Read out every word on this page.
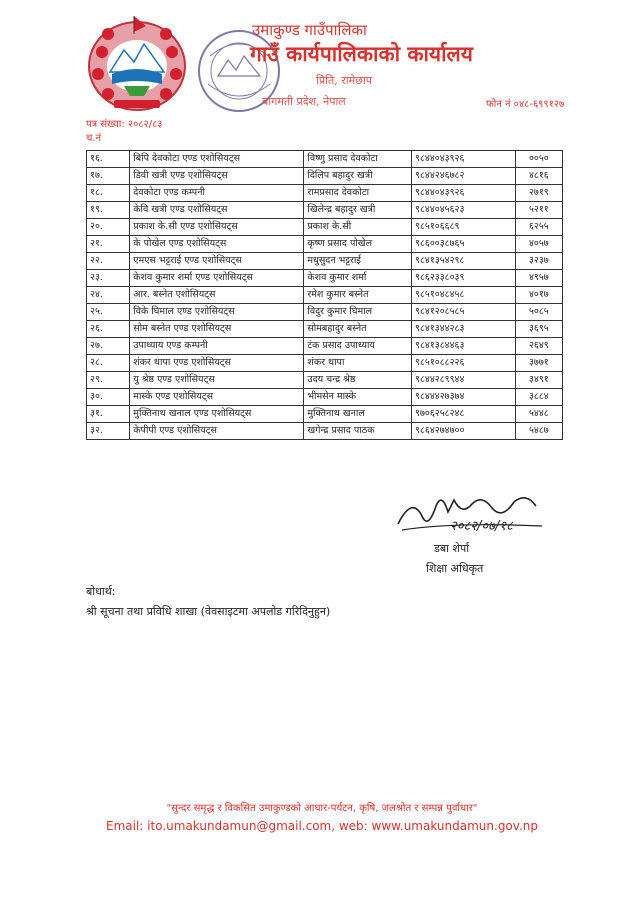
उमाकुण्ड गाउँपालिका
गाउँ कार्यपालिकाको कार्यालय
प्रिति, रामेछाप
बागमती प्रदेश, नेपाल	फोन नं ०४८-६९९१२७
पत्र संख्या: २०८२/८३
च.नं
१६.	बिपि देवकोटा एण्ड एशोसियट्स	विष्णु प्रसाद देवकोटा	९८४४०४३९२६	००५०
१७.	डिवी खत्री एण्ड एशोसियट्स	दिलिप बहादुर खत्री	९८४४२४६७८२	४८१६
१८.	देवकोटा एण्ड कम्पनी	रामप्रसाद देवकोटा	९८४४०४३९२६	२७१९
१९.	केवि खत्री एण्ड एशोसियट्स	खिलेन्द्र बहादुर खत्री	९८४४०४५६२३	५२११
२०.	प्रकाश के.सी एण्ड एशोसियट्स	प्रकाश के.सी	९८५१०६६८९	६२५५
२१.	के पोखेल एण्ड एशोसियट्स	कृष्ण प्रसाद पोखेल	९८६००३८७६५	४०५७
२२.	एमएस भट्टराई एण्ड एशोसियट्स	मधुसुदन भट्टराई	९८४१३५४२९८	३२३७
२३.	केशव कुमार शर्मा एण्ड एशोसियट्स	केशव कुमार शर्मा	९८६२३३८०३९	४९५७
२४.	आर. बस्नेत एशोसियट्स	रमेश कुमार बस्नेत	९८५१०४८४५८	४०१७
२५.	विके घिमाल एण्ड एशोसियट्स	विदुर कुमार घिमाल	९८४१२०८५८५	५०८५
२६.	सोम बस्नेत एण्ड एशोसियट्स	सोमबहादुर बस्नेत	९८४१३४४२८३	३६९५
२७.	उपाध्याय एण्ड कम्पनी	टंक प्रसाद उपाध्याय	९८४१३८४४६३	२६४९
२८.	शंकर थापा एण्ड एशोसियट्स	शंकर थापा	९८५१०८८२२६	३७७१
२९.	यु श्रेष्ठ एण्ड एशोसियट्स	उदय चन्द्र श्रेष्ठ	९८४४२८९९४४	३४९१
३०.	मास्के एण्ड एशोसियट्स	भीमसेन मास्के	९८४४४२७३७४	३८८४
३१.	मुक्तिनाथ खनाल एण्ड एशोसियट्स	मुक्तिनाथ खनाल	९७०६२५८२४८	५४४८
३२.	केपीपी एण्ड एशोसियट्स	खगेन्द्र प्रसाद पाठक	९८६४२७४७००	५४८७
२०८२/०७/१८
डबा शेर्पा
शिक्षा अधिकृत
बोधार्थ:
श्री सूचना तथा प्रविधि शाखा (वेवसाइटमा अपलोड गरिदिनुहुन)
"सुन्दर समृद्ध र विकसित उमाकुण्डको आधार-पर्यटन, कृषि, जलश्रोत र सम्पन्न पुर्वाधार"
Email: ito.umakundamun@gmail.com, web: www.umakundamun.gov.np
